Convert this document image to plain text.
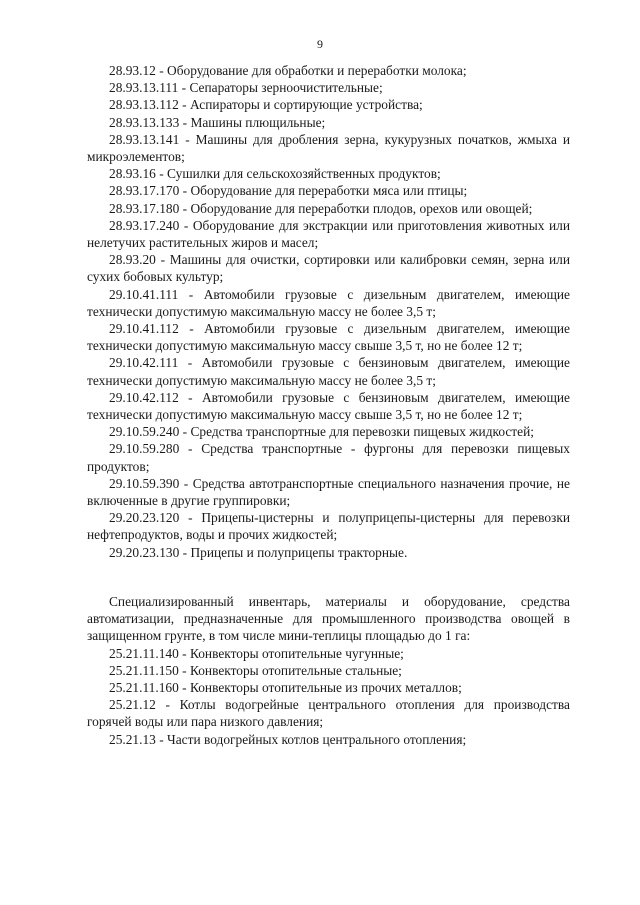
9

28.93.12 - Оборудование для обработки и переработки молока;

28.93.13.111 - Сепараторы зерноочистительные;

28.93.13.112 - Аспираторы и сортирующие устройства;

28.93.13.133 - Машины плющильные;

28.93.13.141 - Машины для дробления зерна, кукурузных початков, жмыха и микроэлементов;

28.93.16 - Сушилки для сельскохозяйственных продуктов;

28.93.17.170 - Оборудование для переработки мяса или птицы;

28.93.17.180 - Оборудование для переработки плодов, орехов или овощей;

28.93.17.240 - Оборудование для экстракции или приготовления животных или нелетучих растительных жиров и масел;

28.93.20 - Машины для очистки, сортировки или калибровки семян, зерна или сухих бобовых культур;

29.10.41.111 - Автомобили грузовые с дизельным двигателем, имеющие технически допустимую максимальную массу не более 3,5 т;

29.10.41.112 - Автомобили грузовые с дизельным двигателем, имеющие технически допустимую максимальную массу свыше 3,5 т, но не более 12 т;

29.10.42.111 - Автомобили грузовые с бензиновым двигателем, имеющие технически допустимую максимальную массу не более 3,5 т;

29.10.42.112 - Автомобили грузовые с бензиновым двигателем, имеющие технически допустимую максимальную массу свыше 3,5 т, но не более 12 т;

29.10.59.240 - Средства транспортные для перевозки пищевых жидкостей;

29.10.59.280 - Средства транспортные - фургоны для перевозки пищевых продуктов;

29.10.59.390 - Средства автотранспортные специального назначения прочие, не включенные в другие группировки;

29.20.23.120 - Прицепы-цистерны и полуприцепы-цистерны для перевозки нефтепродуктов, воды и прочих жидкостей;

29.20.23.130 - Прицепы и полуприцепы тракторные.

Специализированный инвентарь, материалы и оборудование, средства автоматизации, предназначенные для промышленного производства овощей в защищенном грунте, в том числе мини-теплицы площадью до 1 га:

25.21.11.140 - Конвекторы отопительные чугунные;

25.21.11.150 - Конвекторы отопительные стальные;

25.21.11.160 - Конвекторы отопительные из прочих металлов;

25.21.12 - Котлы водогрейные центрального отопления для производства горячей воды или пара низкого давления;

25.21.13 - Части водогрейных котлов центрального отопления;
